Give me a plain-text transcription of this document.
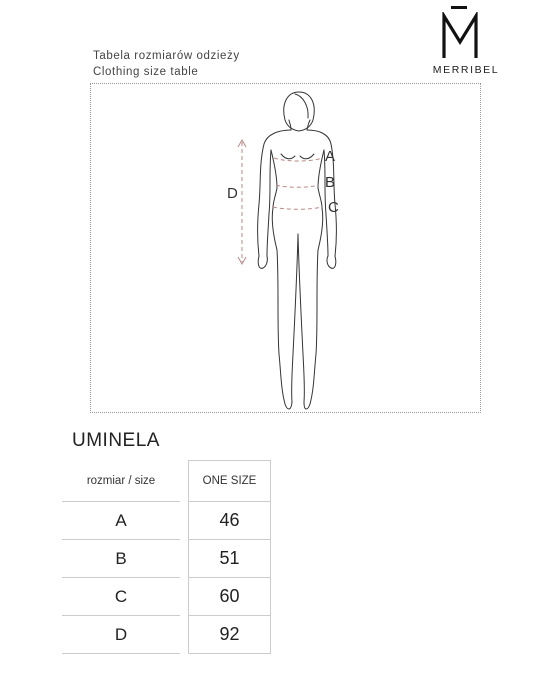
MERRIBEL
Tabela rozmiarów odzieży
Clothing size table
A
B
C
D
UMINELA
rozmiar / size		ONE SIZE
A		46
B		51
C		60
D		92
